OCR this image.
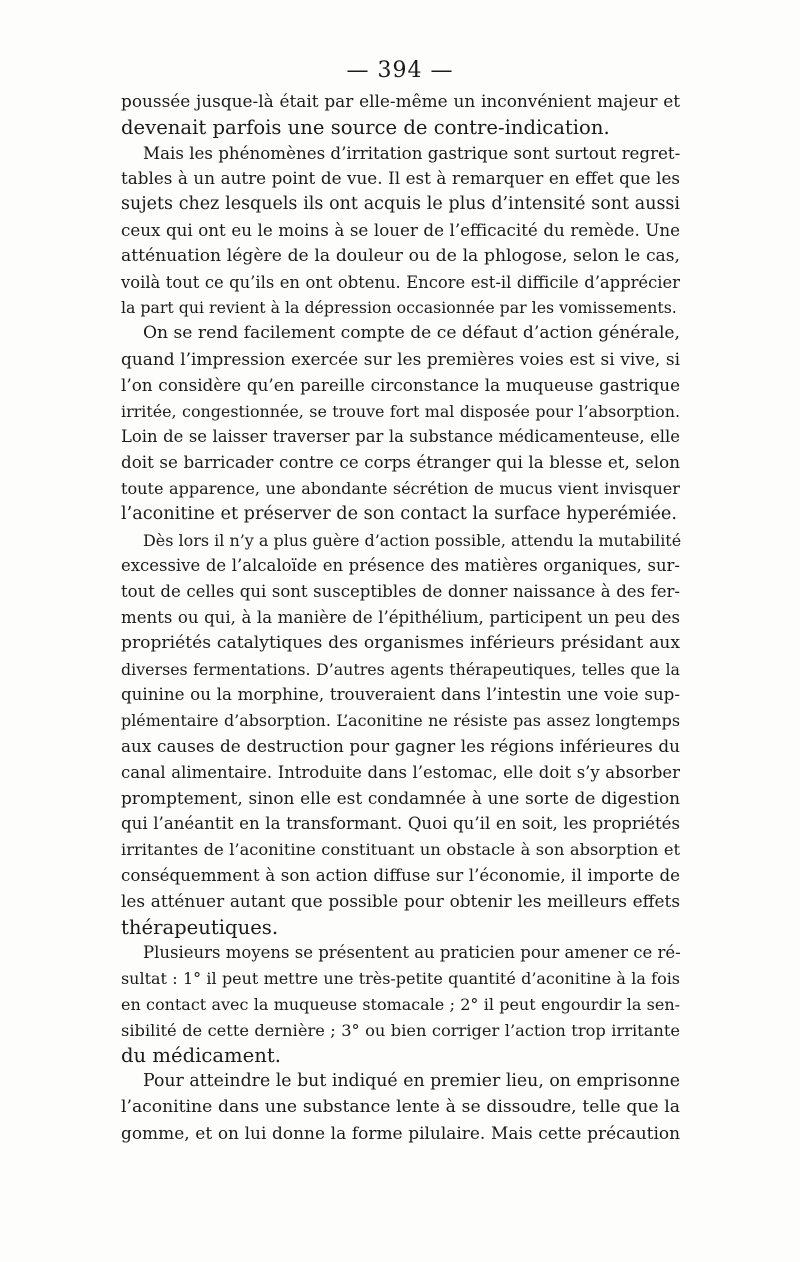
— 394 —
poussée jusque-là était par elle-même un inconvénient majeur et
devenait parfois une source de contre-indication.
Mais les phénomènes d’irritation gastrique sont surtout regret-
tables à un autre point de vue. Il est à remarquer en effet que les
sujets chez lesquels ils ont acquis le plus d’intensité sont aussi
ceux qui ont eu le moins à se louer de l’efficacité du remède. Une
atténuation légère de la douleur ou de la phlogose, selon le cas,
voilà tout ce qu’ils en ont obtenu. Encore est-il difficile d’apprécier
la part qui revient à la dépression occasionnée par les vomissements.
On se rend facilement compte de ce défaut d’action générale,
quand l’impression exercée sur les premières voies est si vive, si
l’on considère qu’en pareille circonstance la muqueuse gastrique
irritée, congestionnée, se trouve fort mal disposée pour l’absorption.
Loin de se laisser traverser par la substance médicamenteuse, elle
doit se barricader contre ce corps étranger qui la blesse et, selon
toute apparence, une abondante sécrétion de mucus vient invisquer
l’aconitine et préserver de son contact la surface hyperémiée.
Dès lors il n’y a plus guère d’action possible, attendu la mutabilité
excessive de l’alcaloïde en présence des matières organiques, sur-
tout de celles qui sont susceptibles de donner naissance à des fer-
ments ou qui, à la manière de l’épithélium, participent un peu des
propriétés catalytiques des organismes inférieurs présidant aux
diverses fermentations. D’autres agents thérapeutiques, telles que la
quinine ou la morphine, trouveraient dans l’intestin une voie sup-
plémentaire d’absorption. L’aconitine ne résiste pas assez longtemps
aux causes de destruction pour gagner les régions inférieures du
canal alimentaire. Introduite dans l’estomac, elle doit s’y absorber
promptement, sinon elle est condamnée à une sorte de digestion
qui l’anéantit en la transformant. Quoi qu’il en soit, les propriétés
irritantes de l’aconitine constituant un obstacle à son absorption et
conséquemment à son action diffuse sur l’économie, il importe de
les atténuer autant que possible pour obtenir les meilleurs effets
thérapeutiques.
Plusieurs moyens se présentent au praticien pour amener ce ré-
sultat : 1° il peut mettre une très-petite quantité d’aconitine à la fois
en contact avec la muqueuse stomacale ; 2° il peut engourdir la sen-
sibilité de cette dernière ; 3° ou bien corriger l’action trop irritante
du médicament.
Pour atteindre le but indiqué en premier lieu, on emprisonne
l’aconitine dans une substance lente à se dissoudre, telle que la
gomme, et on lui donne la forme pilulaire. Mais cette précaution
